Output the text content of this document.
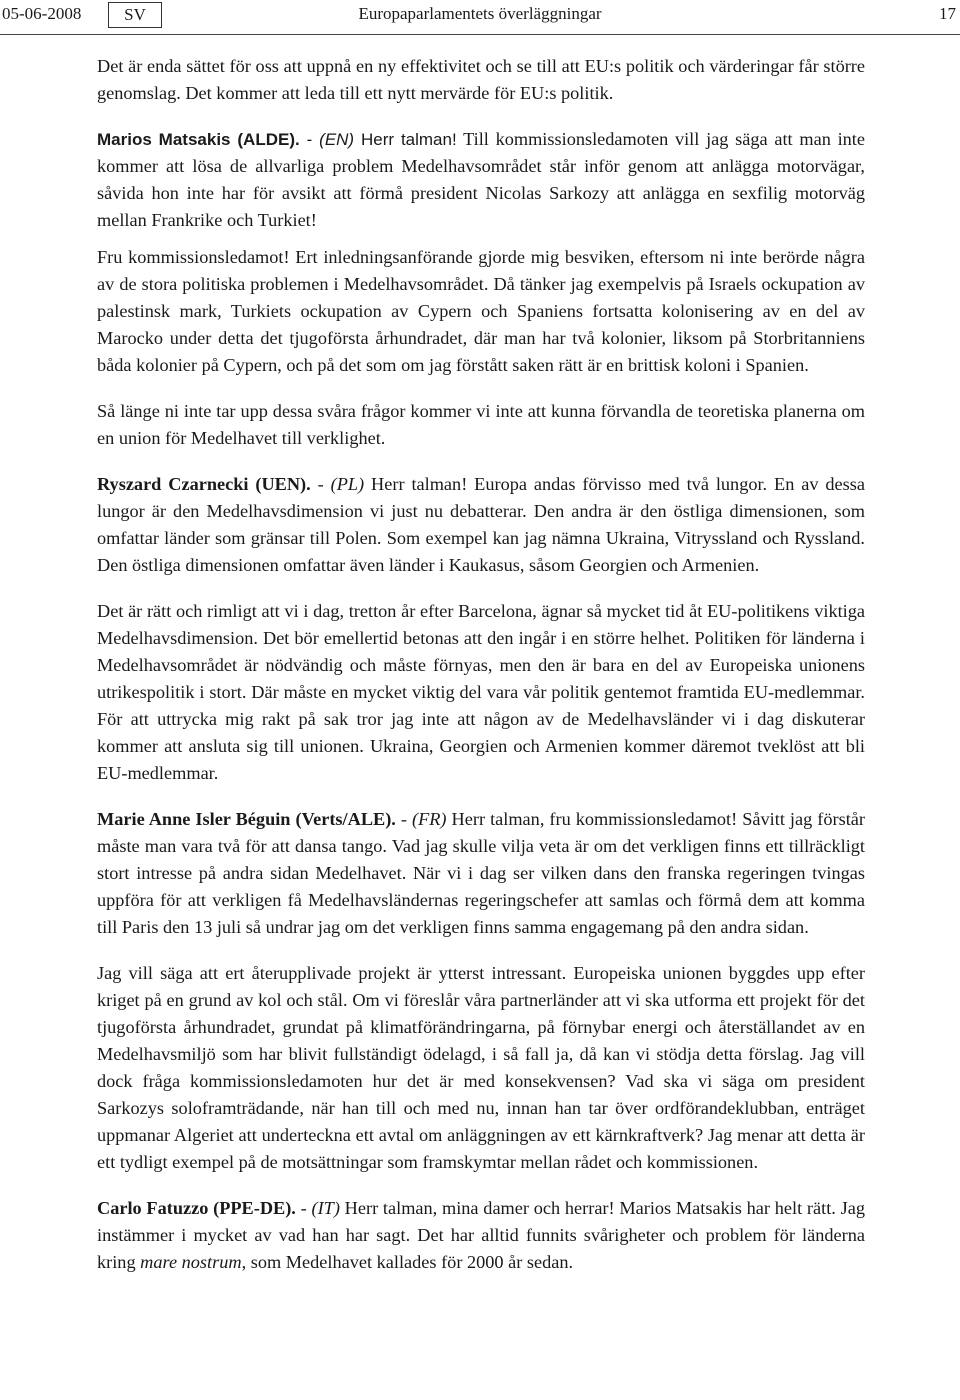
05-06-2008	SV	Europaparlamentets överläggningar	17

Det är enda sättet för oss att uppnå en ny effektivitet och se till att EU:s politik och värderingar får större genomslag. Det kommer att leda till ett nytt mervärde för EU:s politik.

Marios Matsakis (ALDE). - (EN) Herr talman! Till kommissionsledamoten vill jag säga att man inte kommer att lösa de allvarliga problem Medelhavsområdet står inför genom att anlägga motorvägar, såvida hon inte har för avsikt att förmå president Nicolas Sarkozy att anlägga en sexfilig motorväg mellan Frankrike och Turkiet!

Fru kommissionsledamot! Ert inledningsanförande gjorde mig besviken, eftersom ni inte berörde några av de stora politiska problemen i Medelhavsområdet. Då tänker jag exempelvis på Israels ockupation av palestinsk mark, Turkiets ockupation av Cypern och Spaniens fortsatta kolonisering av en del av Marocko under detta det tjugoförsta århundradet, där man har två kolonier, liksom på Storbritanniens båda kolonier på Cypern, och på det som om jag förstått saken rätt är en brittisk koloni i Spanien.

Så länge ni inte tar upp dessa svåra frågor kommer vi inte att kunna förvandla de teoretiska planerna om en union för Medelhavet till verklighet.

Ryszard Czarnecki (UEN). - (PL) Herr talman! Europa andas förvisso med två lungor. En av dessa lungor är den Medelhavsdimension vi just nu debatterar. Den andra är den östliga dimensionen, som omfattar länder som gränsar till Polen. Som exempel kan jag nämna Ukraina, Vitryssland och Ryssland. Den östliga dimensionen omfattar även länder i Kaukasus, såsom Georgien och Armenien.

Det är rätt och rimligt att vi i dag, tretton år efter Barcelona, ägnar så mycket tid åt EU-politikens viktiga Medelhavsdimension. Det bör emellertid betonas att den ingår i en större helhet. Politiken för länderna i Medelhavsområdet är nödvändig och måste förnyas, men den är bara en del av Europeiska unionens utrikespolitik i stort. Där måste en mycket viktig del vara vår politik gentemot framtida EU-medlemmar. För att uttrycka mig rakt på sak tror jag inte att någon av de Medelhavsländer vi i dag diskuterar kommer att ansluta sig till unionen. Ukraina, Georgien och Armenien kommer däremot tveklöst att bli EU-medlemmar.

Marie Anne Isler Béguin (Verts/ALE). - (FR) Herr talman, fru kommissionsledamot! Såvitt jag förstår måste man vara två för att dansa tango. Vad jag skulle vilja veta är om det verkligen finns ett tillräckligt stort intresse på andra sidan Medelhavet. När vi i dag ser vilken dans den franska regeringen tvingas uppföra för att verkligen få Medelhavsländernas regeringschefer att samlas och förmå dem att komma till Paris den 13 juli så undrar jag om det verkligen finns samma engagemang på den andra sidan.

Jag vill säga att ert återupplivade projekt är ytterst intressant. Europeiska unionen byggdes upp efter kriget på en grund av kol och stål. Om vi föreslår våra partnerländer att vi ska utforma ett projekt för det tjugoförsta århundradet, grundat på klimatförändringarna, på förnybar energi och återställandet av en Medelhavsmiljö som har blivit fullständigt ödelagd, i så fall ja, då kan vi stödja detta förslag. Jag vill dock fråga kommissionsledamoten hur det är med konsekvensen? Vad ska vi säga om president Sarkozys soloframträdande, när han till och med nu, innan han tar över ordförandeklubban, enträget uppmanar Algeriet att underteckna ett avtal om anläggningen av ett kärnkraftverk? Jag menar att detta är ett tydligt exempel på de motsättningar som framskymtar mellan rådet och kommissionen.

Carlo Fatuzzo (PPE-DE). - (IT) Herr talman, mina damer och herrar! Marios Matsakis har helt rätt. Jag instämmer i mycket av vad han har sagt. Det har alltid funnits svårigheter och problem för länderna kring mare nostrum, som Medelhavet kallades för 2000 år sedan.
